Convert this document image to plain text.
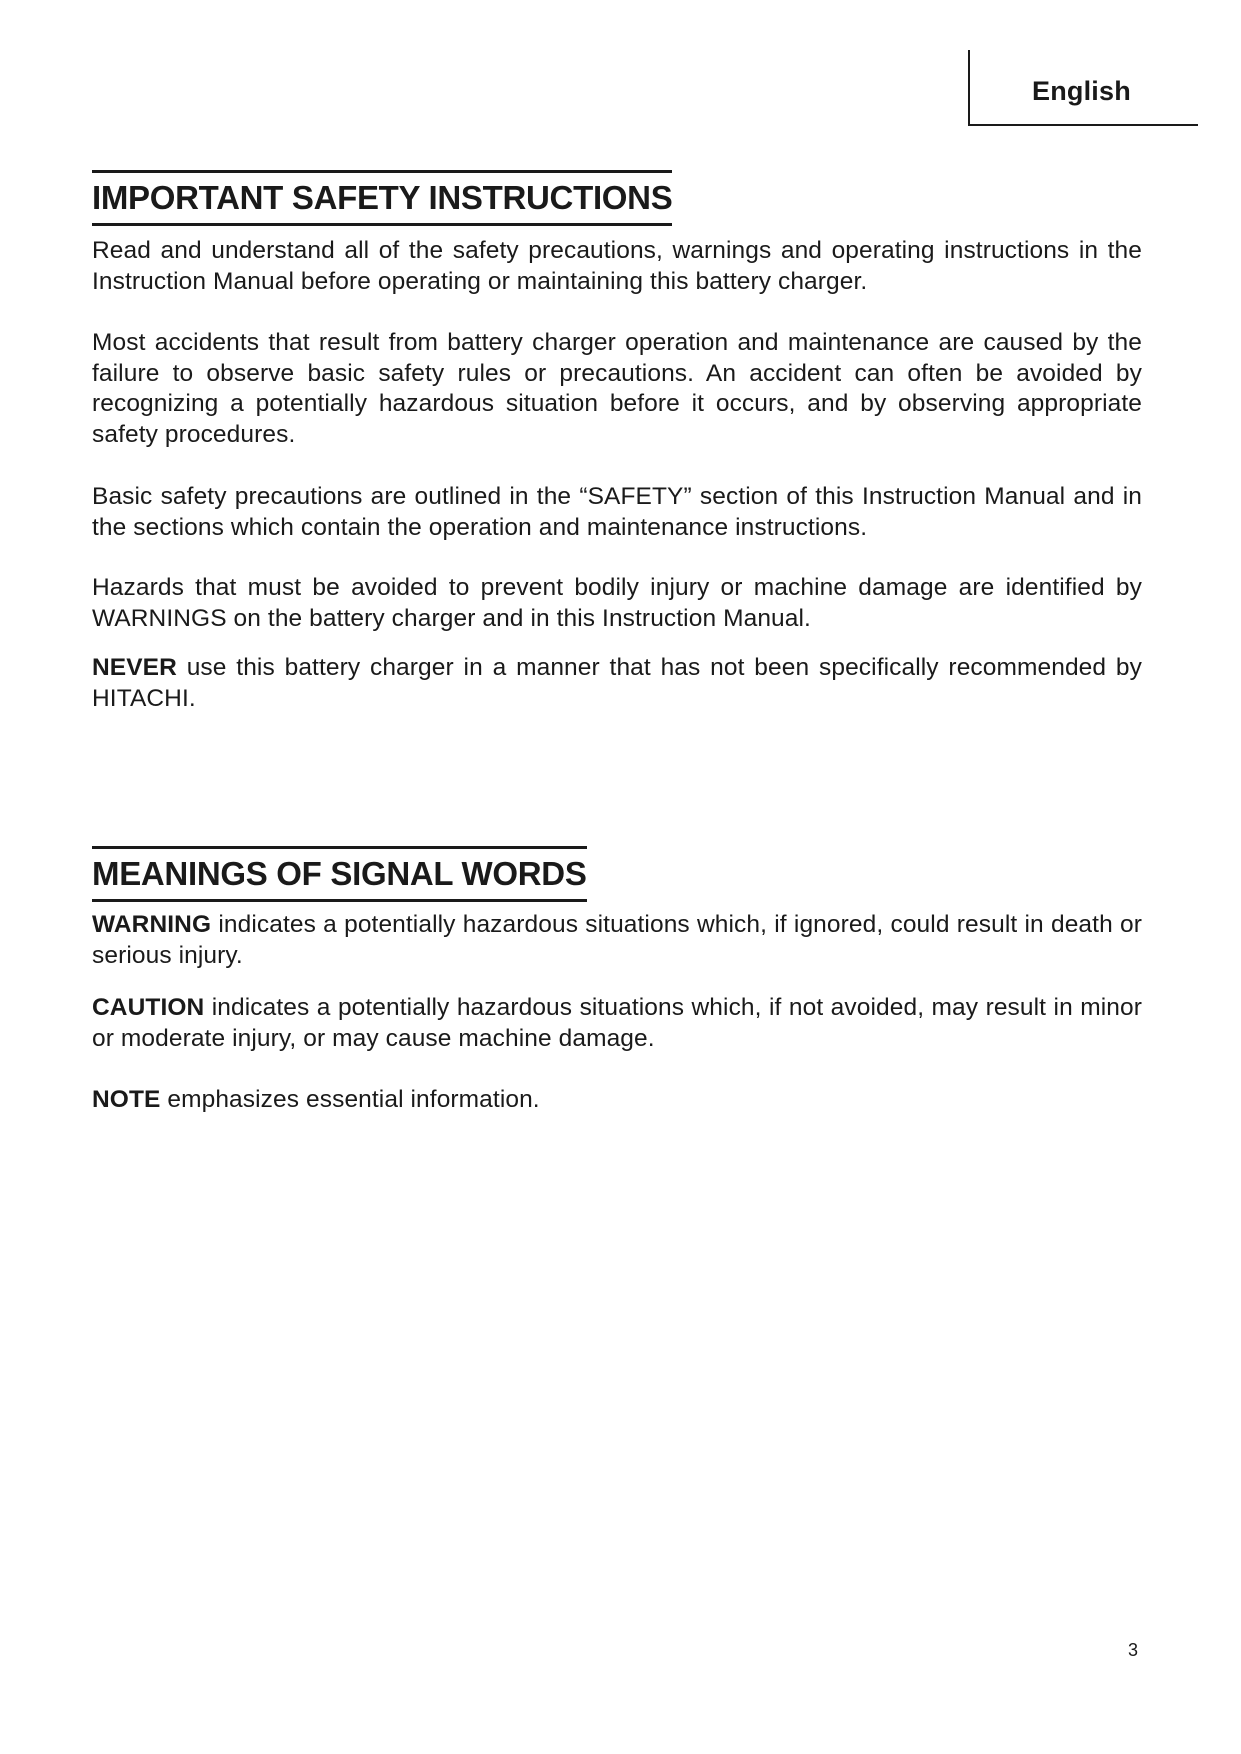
English
IMPORTANT SAFETY INSTRUCTIONS

Read and understand all of the safety precautions, warnings and operating instructions in the Instruction Manual before operating or maintaining this battery charger.

Most accidents that result from battery charger operation and maintenance are caused by the failure to observe basic safety rules or precautions. An accident can often be avoided by recognizing a potentially hazardous situation before it occurs, and by observing appropriate safety procedures.

Basic safety precautions are outlined in the “SAFETY” section of this Instruction Manual and in the sections which contain the operation and maintenance instructions.

Hazards that must be avoided to prevent bodily injury or machine damage are identified by WARNINGS on the battery charger and in this Instruction Manual.

NEVER use this battery charger in a manner that has not been specifically recommended by HITACHI.

MEANINGS OF SIGNAL WORDS

WARNING indicates a potentially hazardous situations which, if ignored, could result in death or serious injury.

CAUTION indicates a potentially hazardous situations which, if not avoided, may result in minor or moderate injury, or may cause machine damage.

NOTE emphasizes essential information.

3
